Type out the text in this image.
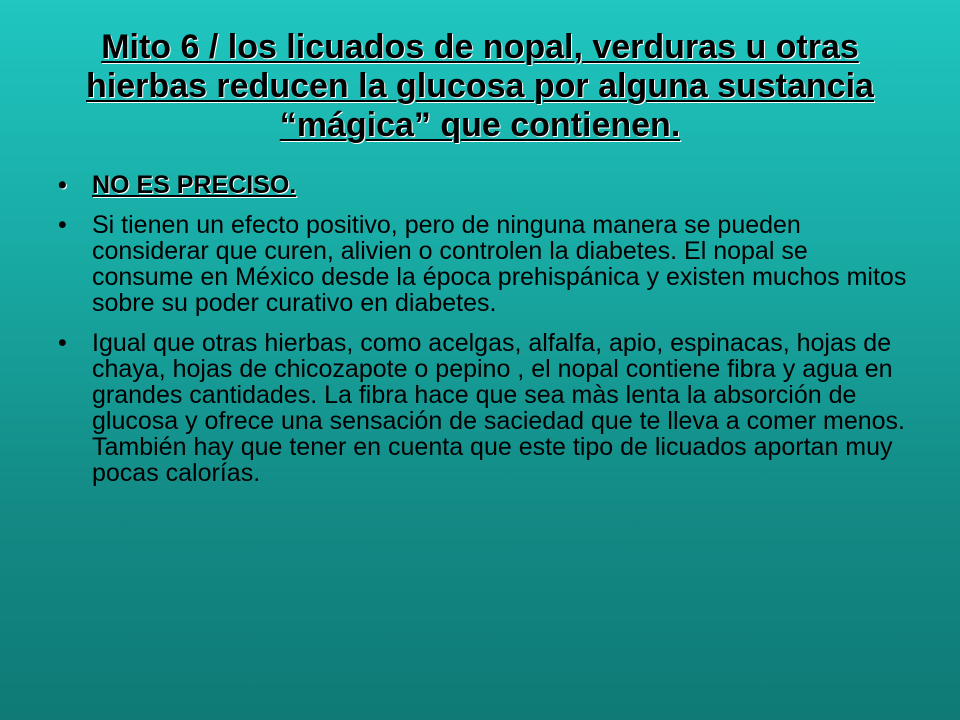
Mito 6 / los licuados de nopal, verduras u otras hierbas reducen la glucosa por alguna sustancia “mágica” que contienen.
• NO ES PRECISO.
• Si tienen un efecto positivo, pero de ninguna manera se pueden considerar que curen, alivien o controlen la diabetes. El nopal se consume en México desde la época prehispánica y existen muchos mitos sobre su poder curativo en diabetes.
• Igual que otras hierbas, como acelgas, alfalfa, apio, espinacas, hojas de chaya, hojas de chicozapote o pepino , el nopal contiene fibra y agua en grandes cantidades. La fibra hace que sea màs lenta la absorción de glucosa y ofrece una sensación de saciedad que te lleva a comer menos. También hay que tener en cuenta que este tipo de licuados aportan muy pocas calorías.
